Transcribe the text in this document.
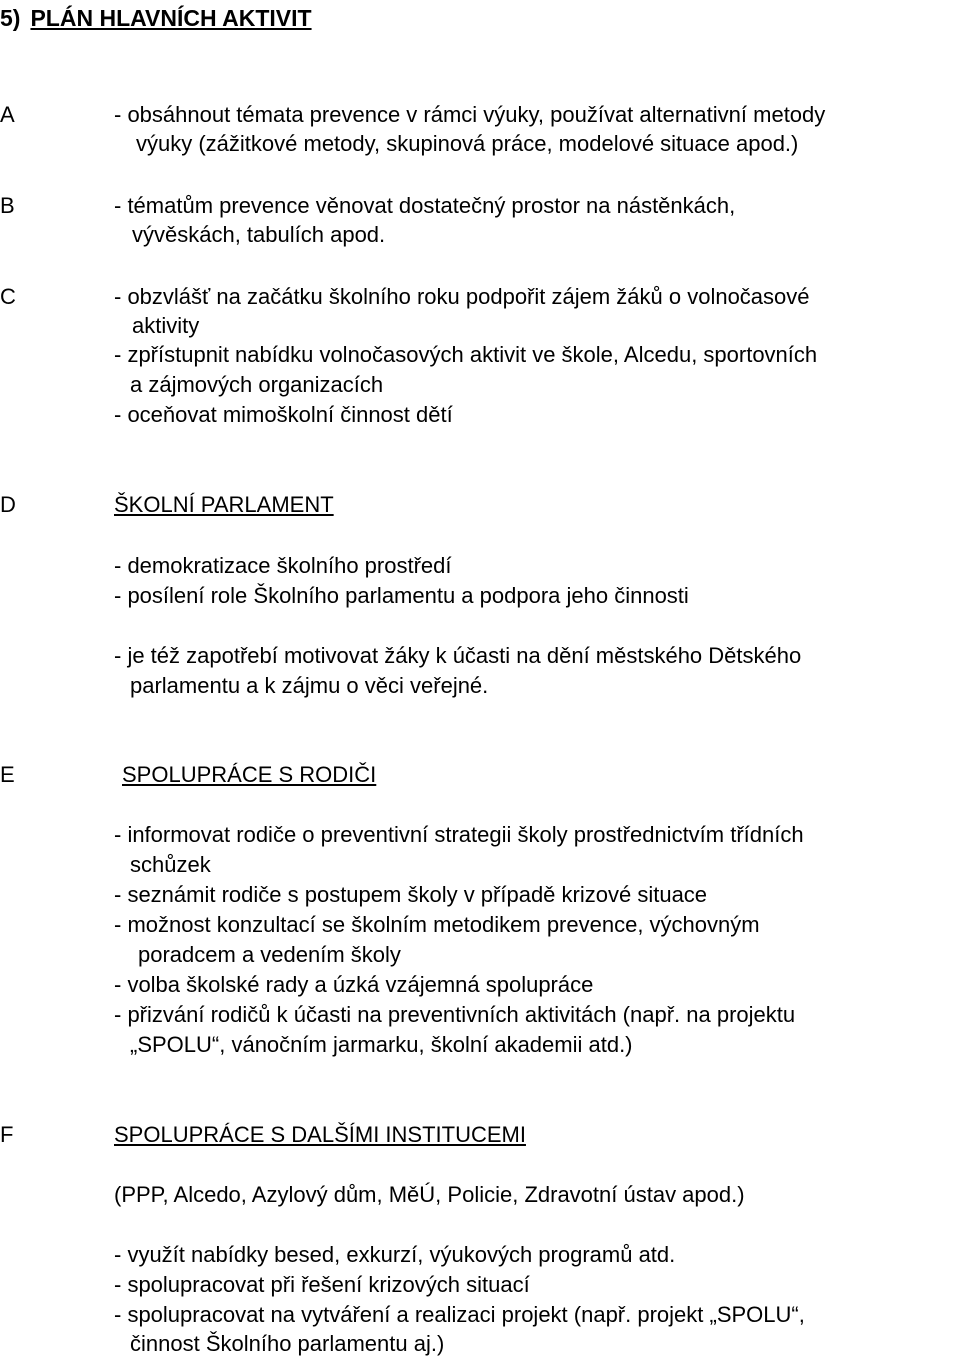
5) PLÁN HLAVNÍCH AKTIVIT
A	- obsáhnout témata prevence v rámci výuky, používat alternativní metody
výuky (zážitkové metody, skupinová práce, modelové situace apod.)
B	- tématům prevence věnovat dostatečný prostor na nástěnkách,
vývěskách, tabulích apod.
C	- obzvlášť na začátku školního roku podpořit zájem žáků o volnočasové
aktivity
- zpřístupnit nabídku volnočasových aktivit ve škole, Alcedu, sportovních
a zájmových organizacích
- oceňovat mimoškolní činnost dětí
D	ŠKOLNÍ PARLAMENT
- demokratizace školního prostředí
- posílení role Školního parlamentu a podpora jeho činnosti
- je též zapotřebí motivovat žáky k účasti na dění městského Dětského
parlamentu a k zájmu o věci veřejné.
E	SPOLUPRÁCE S RODIČI
- informovat rodiče o preventivní strategii školy prostřednictvím třídních
schůzek
- seznámit rodiče s postupem školy v případě krizové situace
- možnost konzultací se školním metodikem prevence, výchovným
poradcem a vedením školy
- volba školské rady a úzká vzájemná spolupráce
- přizvání rodičů k účasti na preventivních aktivitách (např. na projektu
„SPOLU“, vánočním jarmarku, školní akademii atd.)
F	SPOLUPRÁCE S DALŠÍMI INSTITUCEMI
(PPP, Alcedo, Azylový dům, MěÚ, Policie, Zdravotní ústav apod.)
- využít nabídky besed, exkurzí, výukových programů atd.
- spolupracovat při řešení krizových situací
- spolupracovat na vytváření a realizaci projekt (např. projekt „SPOLU“,
činnost Školního parlamentu aj.)
